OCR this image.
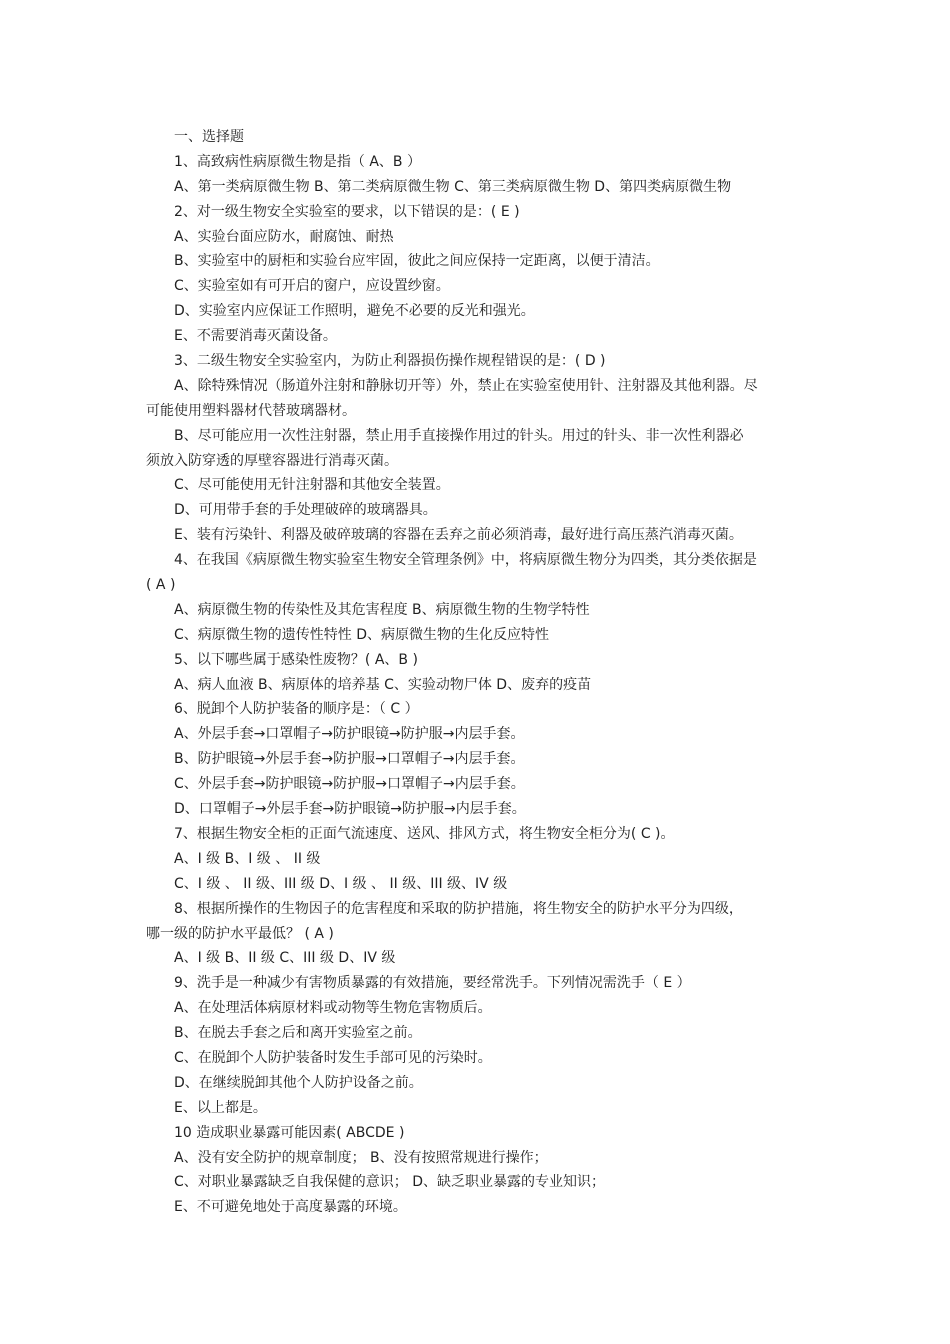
一、选择题
1、高致病性病原微生物是指（ A、B ）
A、第一类病原微生物 B、第二类病原微生物 C、第三类病原微生物 D、第四类病原微生物
2、对一级生物安全实验室的要求，以下错误的是：( E )
A、实验台面应防水，耐腐蚀、耐热
B、实验室中的厨柜和实验台应牢固，彼此之间应保持一定距离，以便于清洁。
C、实验室如有可开启的窗户，应设置纱窗。
D、实验室内应保证工作照明，避免不必要的反光和强光。
E、不需要消毒灭菌设备。
3、二级生物安全实验室内，为防止利器损伤操作规程错误的是：( D )
A、除特殊情况（肠道外注射和静脉切开等）外，禁止在实验室使用针、注射器及其他利器。尽
可能使用塑料器材代替玻璃器材。
B、尽可能应用一次性注射器，禁止用手直接操作用过的针头。用过的针头、非一次性利器必
须放入防穿透的厚壁容器进行消毒灭菌。
C、尽可能使用无针注射器和其他安全装置。
D、可用带手套的手处理破碎的玻璃器具。
E、装有污染针、利器及破碎玻璃的容器在丢弃之前必须消毒，最好进行高压蒸汽消毒灭菌。
4、在我国《病原微生物实验室生物安全管理条例》中，将病原微生物分为四类，其分类依据是
( A )
A、病原微生物的传染性及其危害程度 B、病原微生物的生物学特性
C、病原微生物的遗传性特性 D、病原微生物的生化反应特性
5、以下哪些属于感染性废物？( A、B )
A、病人血液 B、病原体的培养基 C、实验动物尸体 D、废弃的疫苗
6、脱卸个人防护装备的顺序是：（ C ）
A、外层手套→口罩帽子→防护眼镜→防护服→内层手套。
B、防护眼镜→外层手套→防护服→口罩帽子→内层手套。
C、外层手套→防护眼镜→防护服→口罩帽子→内层手套。
D、口罩帽子→外层手套→防护眼镜→防护服→内层手套。
7、根据生物安全柜的正面气流速度、送风、排风方式，将生物安全柜分为( C )。
A、I 级 B、I 级 、 II 级
C、I 级 、 II 级、III 级 D、I 级 、 II 级、III 级、IV 级
8、根据所操作的生物因子的危害程度和采取的防护措施，将生物安全的防护水平分为四级，
哪一级的防护水平最低？ ( A )
A、I 级 B、II 级 C、III 级 D、IV 级
9、洗手是一种减少有害物质暴露的有效措施，要经常洗手。下列情况需洗手（ E ）
A、在处理活体病原材料或动物等生物危害物质后。
B、在脱去手套之后和离开实验室之前。
C、在脱卸个人防护装备时发生手部可见的污染时。
D、在继续脱卸其他个人防护设备之前。
E、以上都是。
10 造成职业暴露可能因素( ABCDE )
A、没有安全防护的规章制度； B、没有按照常规进行操作；
C、对职业暴露缺乏自我保健的意识； D、缺乏职业暴露的专业知识；
E、不可避免地处于高度暴露的环境。
